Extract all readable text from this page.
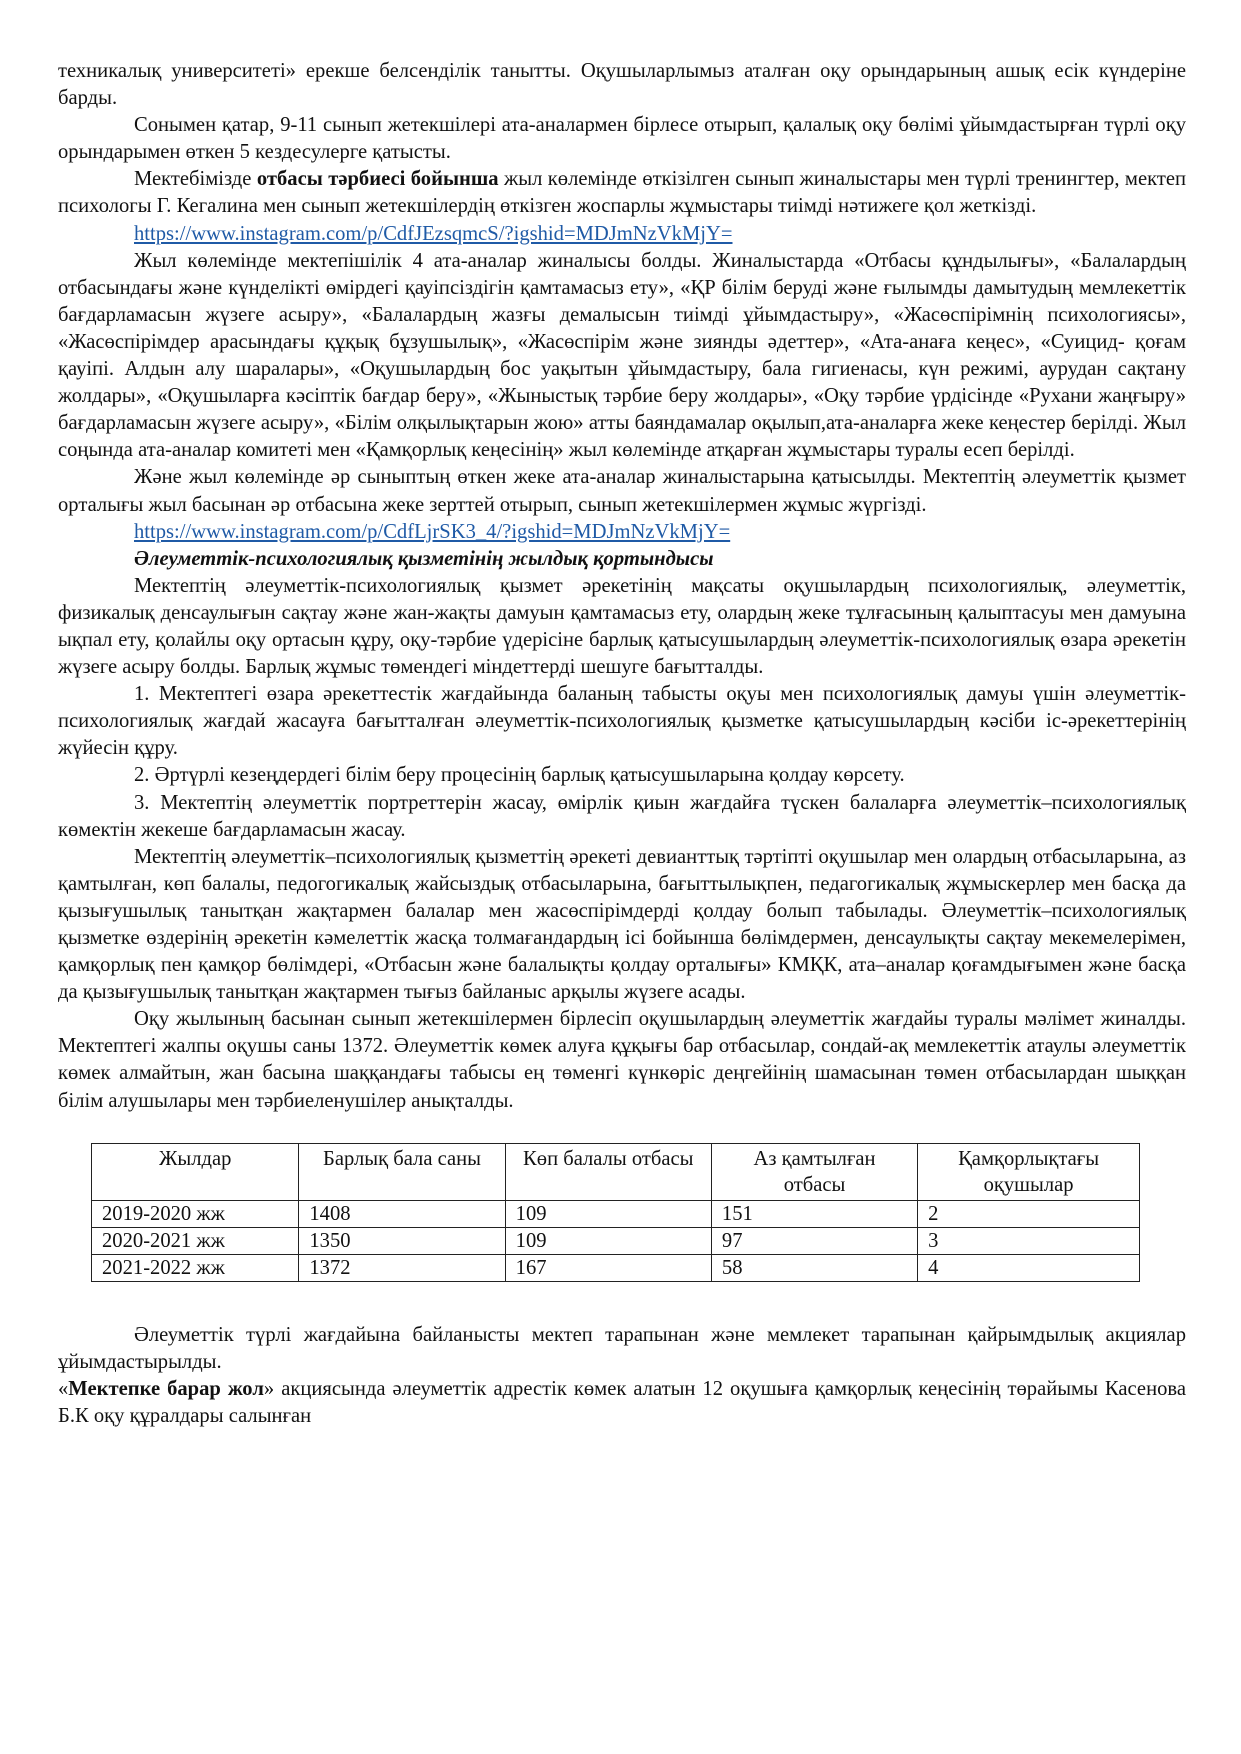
техникалық университеті» ерекше белсенділік танытты. Оқушыларлымыз аталған оқу орындарының ашық есік күндеріне барды.

Сонымен қатар, 9-11 сынып жетекшілері ата-аналармен бірлесе отырып, қалалық оқу бөлімі ұйымдастырған түрлі оқу орындарымен өткен 5 кездесулерге қатысты.

Мектебімізде отбасы тәрбиесі бойынша жыл көлемінде өткізілген сынып жиналыстары мен түрлі тренингтер, мектеп психологы Г. Кегалина мен сынып жетекшілердің өткізген жоспарлы жұмыстары тиімді нәтижеге қол жеткізді.

https://www.instagram.com/p/CdfJEzsqmcS/?igshid=MDJmNzVkMjY=

Жыл көлемінде мектепішілік 4 ата-аналар жиналысы болды. Жиналыстарда «Отбасы құндылығы», «Балалардың отбасындағы және күнделікті өмірдегі қауіпсіздігін қамтамасыз ету», «ҚР білім беруді және ғылымды дамытудың мемлекеттік бағдарламасын жүзеге асыру», «Балалардың жазғы демалысын тиімді ұйымдастыру», «Жасөспірімнің психологиясы», «Жасөспірімдер арасындағы құқық бұзушылық», «Жасөспірім және зиянды әдеттер», «Ата-анаға кеңес», «Суицид- қоғам қауіпі. Алдын алу шаралары», «Оқушылардың бос уақытын ұйымдастыру, бала гигиенасы, күн режимі, аурудан сақтану жолдары», «Оқушыларға кәсіптік бағдар беру», «Жыныстық тәрбие беру жолдары», «Оқу тәрбие үрдісінде «Рухани жаңғыру» бағдарламасын жүзеге асыру», «Білім олқылықтарын жою» атты баяндамалар оқылып,ата-аналарға жеке кеңестер берілді. Жыл соңында ата-аналар комитеті мен «Қамқорлық кеңесінің» жыл көлемінде атқарған жұмыстары туралы есеп берілді.

Және жыл көлемінде әр сыныптың өткен жеке ата-аналар жиналыстарына қатысылды. Мектептің әлеуметтік қызмет орталығы жыл басынан әр отбасына жеке зерттей отырып, сынып жетекшілермен жұмыс жүргізді.

https://www.instagram.com/p/CdfLjrSK3_4/?igshid=MDJmNzVkMjY=

Әлеуметтік-психологиялық қызметінің жылдық қортындысы

Мектептің әлеуметтік-психологиялық қызмет әрекетінің мақсаты оқушылардың психологиялық, әлеуметтік, физикалық денсаулығын сақтау және жан-жақты дамуын қамтамасыз ету, олардың жеке тұлғасының қалыптасуы мен дамуына ықпал ету, қолайлы оқу ортасын құру, оқу-тәрбие үдерісіне барлық қатысушылардың әлеуметтік-психологиялық өзара әрекетін жүзеге асыру болды. Барлық жұмыс төмендегі міндеттерді шешуге бағытталды.

1. Мектептегі өзара әрекеттестік жағдайында баланың табысты оқуы мен психологиялық дамуы үшін әлеуметтік-психологиялық жағдай жасауға бағытталған әлеуметтік-психологиялық қызметке қатысушылардың кәсіби іс-әрекеттерінің жүйесін құру.

2. Әртүрлі кезеңдердегі білім беру процесінің барлық қатысушыларына қолдау көрсету.

3. Мектептің әлеуметтік портреттерін жасау, өмірлік қиын жағдайға түскен балаларға әлеуметтік–психологиялық көмектін жекеше бағдарламасын жасау.

Мектептің әлеуметтік–психологиялық қызметтің әрекеті девианттық тәртіпті оқушылар мен олардың отбасыларына, аз қамтылған, көп балалы, педогогикалық жайсыздық отбасыларына, бағыттылықпен, педагогикалық жұмыскерлер мен басқа да қызығушылық танытқан жақтармен балалар мен жасөспірімдерді қолдау болып табылады. Әлеуметтік–психологиялық қызметке өздерінің әрекетін кәмелеттік жасқа толмағандардың ісі бойынша бөлімдермен, денсаулықты сақтау мекемелерімен, қамқорлық пен қамқор бөлімдері, «Отбасын және балалықты қолдау орталығы» КМҚК, ата–аналар қоғамдығымен және басқа да қызығушылық танытқан жақтармен тығыз байланыс арқылы жүзеге асады.

Оқу жылының басынан сынып жетекшілермен бірлесіп оқушылардың әлеуметтік жағдайы туралы мәлімет жиналды. Мектептегі жалпы оқушы саны 1372. Әлеуметтік көмек алуға құқығы бар отбасылар, сондай-ақ мемлекеттік атаулы әлеуметтік көмек алмайтын, жан басына шаққандағы табысы ең төменгі күнкөріс деңгейінің шамасынан төмен отбасылардан шыққан білім алушылары мен тәрбиеленушілер анықталды.

Жылдар	Барлық бала саны	Көп балалы отбасы	Аз қамтылған отбасы	Қамқорлықтағы оқушылар
2019-2020 жж	1408	109	151	2
2020-2021 жж	1350	109	97	3
2021-2022 жж	1372	167	58	4

Әлеуметтік түрлі жағдайына байланысты мектеп тарапынан және мемлекет тарапынан қайрымдылық акциялар ұйымдастырылды.

«Мектепке барар жол» акциясында әлеуметтік адрестік көмек алатын 12 оқушыға қамқорлық кеңесінің төрайымы Касенова Б.К оқу құралдары салынған
